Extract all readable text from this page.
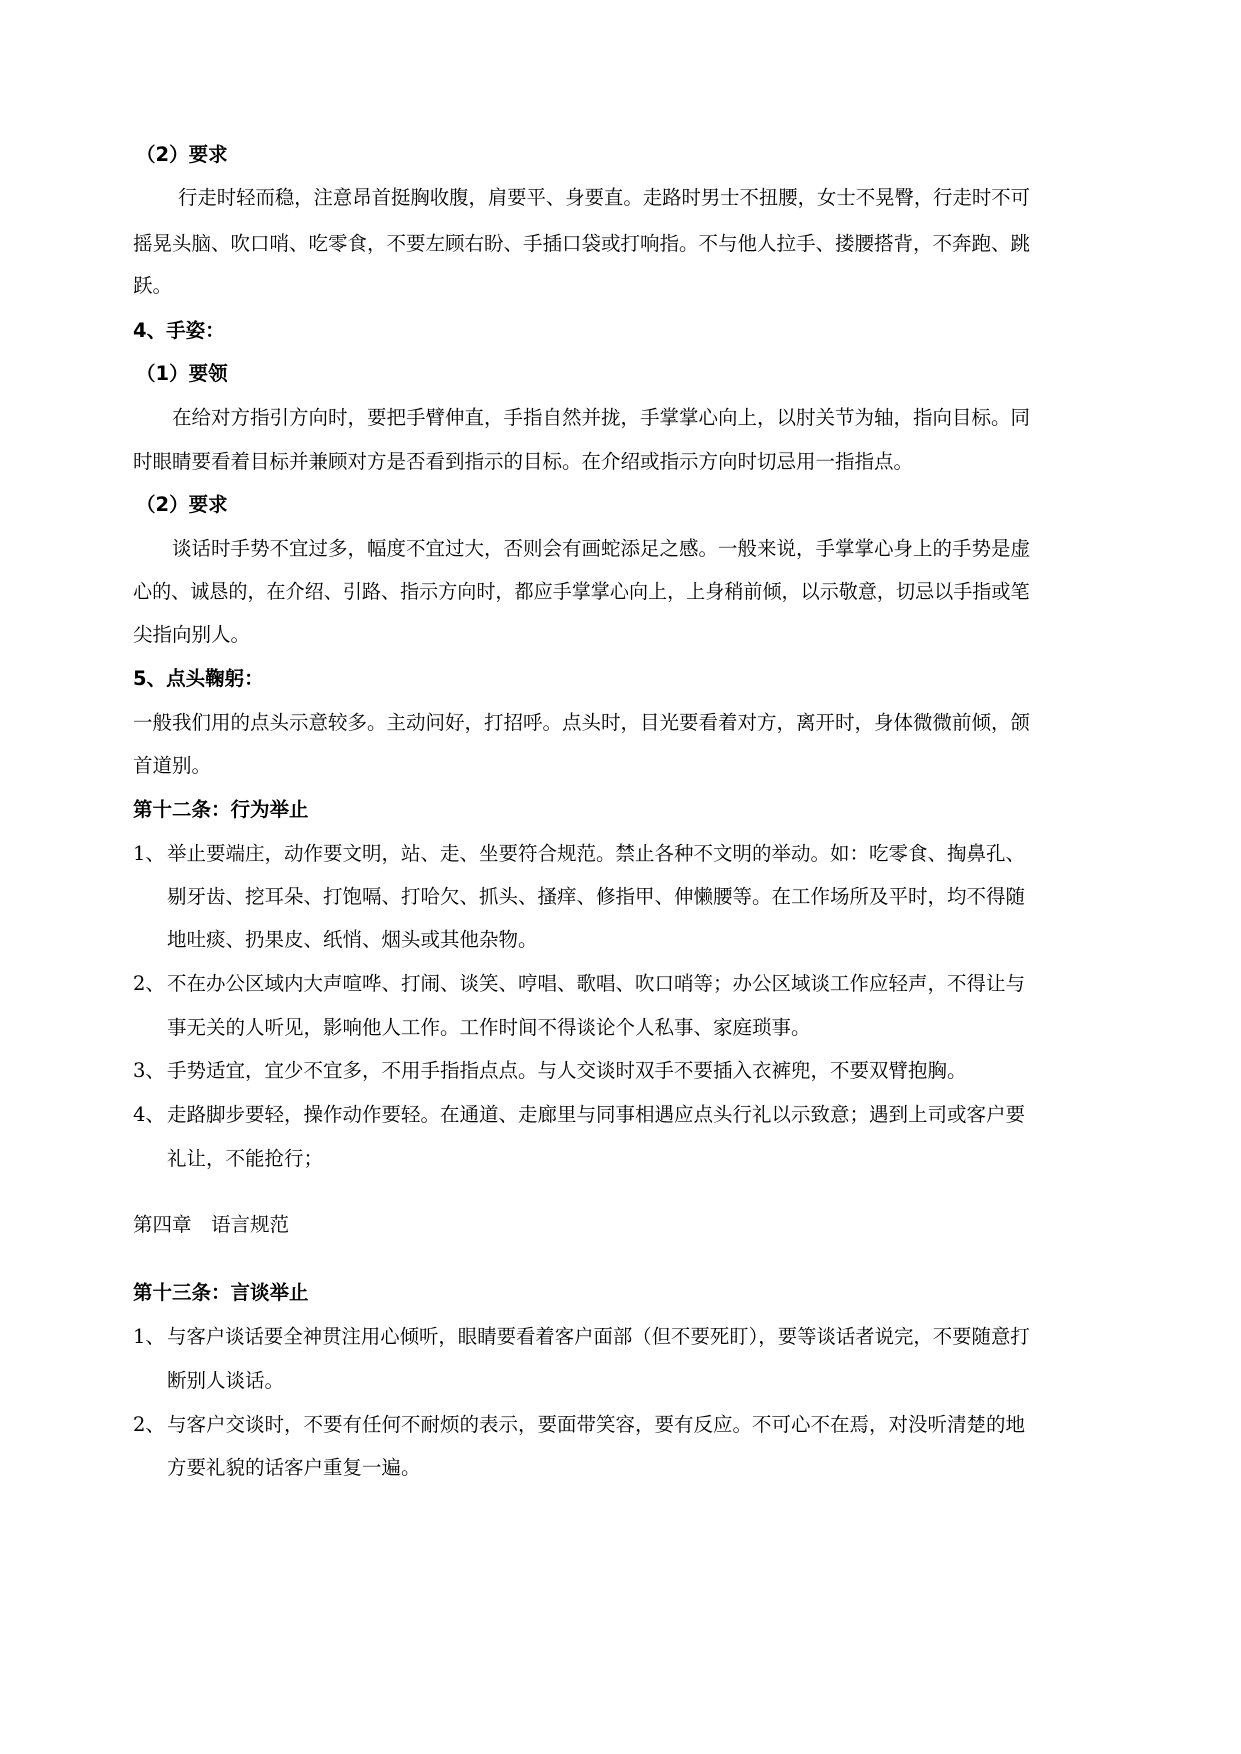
（2）要求
行走时轻而稳，注意昂首挺胸收腹，肩要平、身要直。走路时男士不扭腰，女士不晃臀，行走时不可
摇晃头脑、吹口哨、吃零食，不要左顾右盼、手插口袋或打响指。不与他人拉手、搂腰搭背，不奔跑、跳
跃。
4、手姿：
（1）要领
在给对方指引方向时，要把手臂伸直，手指自然并拢，手掌掌心向上，以肘关节为轴，指向目标。同
时眼睛要看着目标并兼顾对方是否看到指示的目标。在介绍或指示方向时切忌用一指指点。
（2）要求
谈话时手势不宜过多，幅度不宜过大，否则会有画蛇添足之感。一般来说，手掌掌心身上的手势是虚
心的、诚恳的，在介绍、引路、指示方向时，都应手掌掌心向上，上身稍前倾，以示敬意，切忌以手指或笔
尖指向别人。
5、点头鞠躬：
一般我们用的点头示意较多。主动问好，打招呼。点头时，目光要看着对方，离开时，身体微微前倾，颌
首道别。
第十二条：行为举止
1、 举止要端庄，动作要文明，站、走、坐要符合规范。禁止各种不文明的举动。如：吃零食、掏鼻孔、
剔牙齿、挖耳朵、打饱嗝、打哈欠、抓头、搔痒、修指甲、伸懒腰等。在工作场所及平时，均不得随
地吐痰、扔果皮、纸悄、烟头或其他杂物。
2、 不在办公区域内大声喧哗、打闹、谈笑、哼唱、歌唱、吹口哨等；办公区域谈工作应轻声，不得让与
事无关的人听见，影响他人工作。工作时间不得谈论个人私事、家庭琐事。
3、 手势适宜，宜少不宜多，不用手指指点点。与人交谈时双手不要插入衣裤兜，不要双臂抱胸。
4、 走路脚步要轻，操作动作要轻。在通道、走廊里与同事相遇应点头行礼以示致意；遇到上司或客户要
礼让，不能抢行；
第四章　语言规范
第十三条：言谈举止
1、 与客户谈话要全神贯注用心倾听，眼睛要看着客户面部（但不要死盯），要等谈话者说完，不要随意打
断别人谈话。
2、 与客户交谈时，不要有任何不耐烦的表示，要面带笑容，要有反应。不可心不在焉，对没听清楚的地
方要礼貌的话客户重复一遍。
